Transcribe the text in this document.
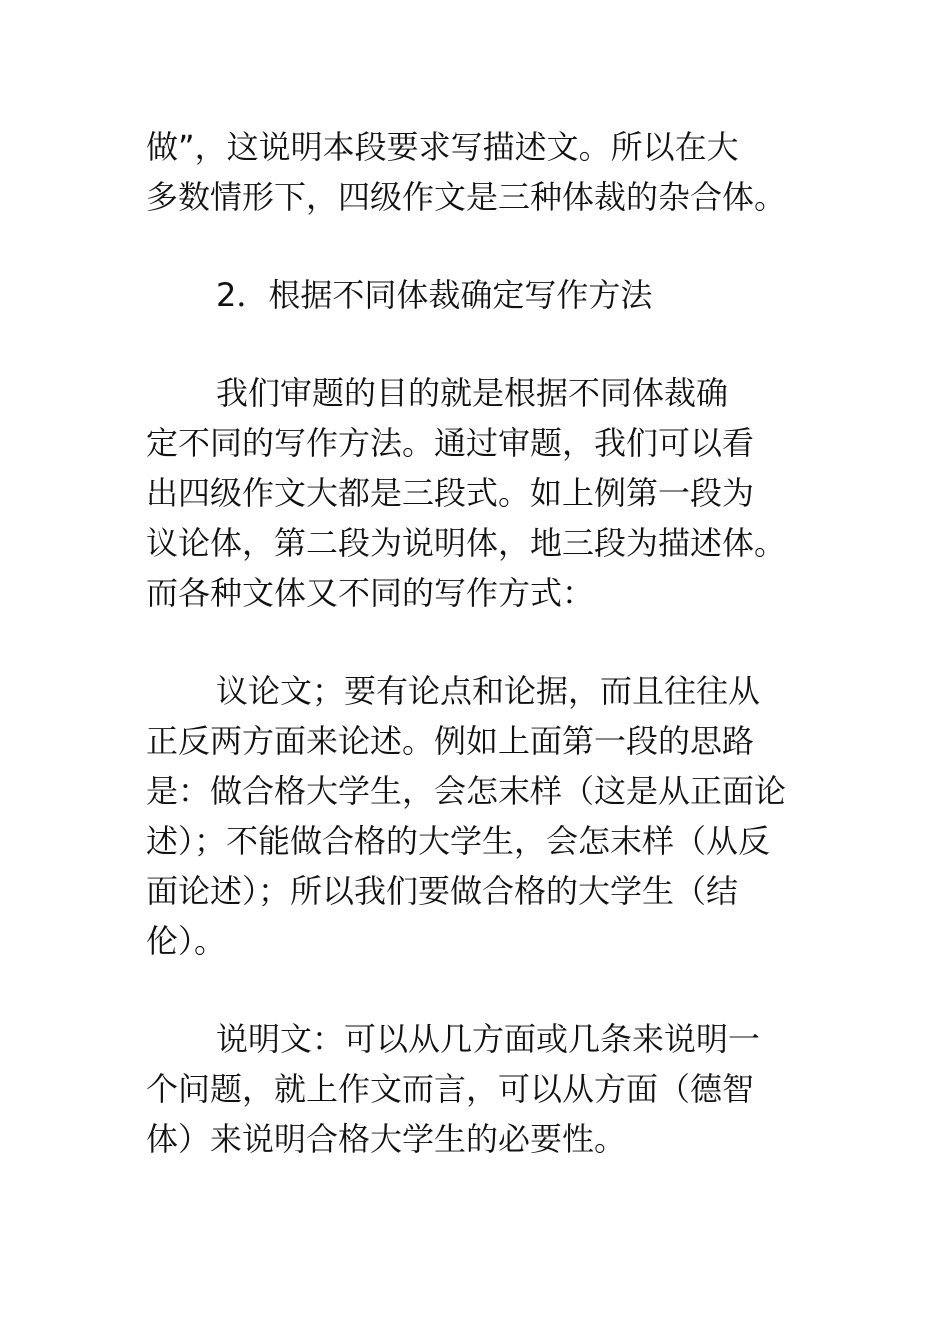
做”，这说明本段要求写描述文。所以在大
多数情形下，四级作文是三种体裁的杂合体。
2．根据不同体裁确定写作方法
我们审题的目的就是根据不同体裁确
定不同的写作方法。通过审题，我们可以看
出四级作文大都是三段式。如上例第一段为
议论体，第二段为说明体，地三段为描述体。
而各种文体又不同的写作方式：
议论文；要有论点和论据，而且往往从
正反两方面来论述。例如上面第一段的思路
是：做合格大学生，会怎末样（这是从正面论
述）；不能做合格的大学生，会怎末样（从反
面论述）；所以我们要做合格的大学生（结
伦）。
说明文：可以从几方面或几条来说明一
个问题，就上作文而言，可以从方面（德智
体）来说明合格大学生的必要性。
